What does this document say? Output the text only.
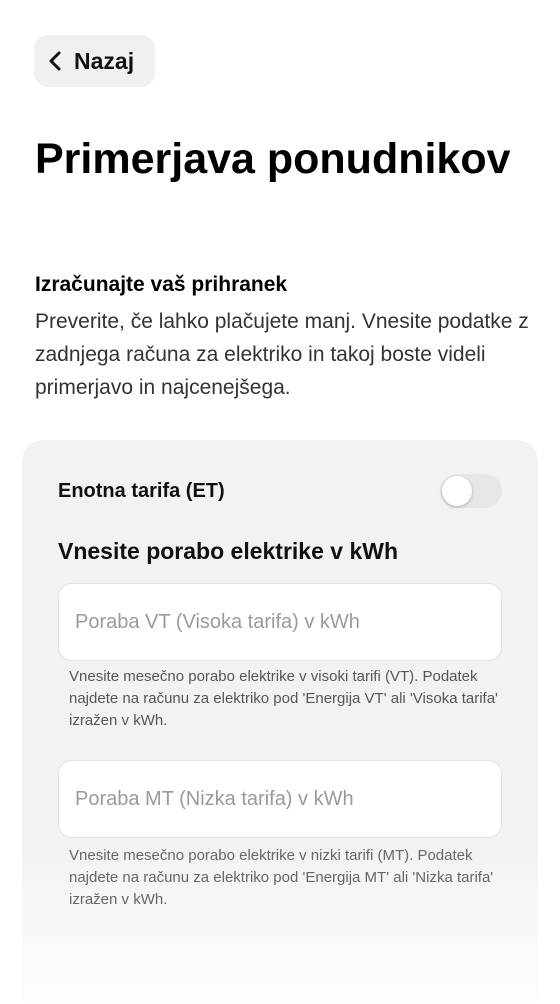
Nazaj
Primerjava ponudnikov
Izračunajte vaš prihranek

Preverite, če lahko plačujete manj. Vnesite podatke z zadnjega računa za elektriko in takoj boste videli primerjavo in najcenejšega.

Enotna tarifa (ET)
Vnesite porabo elektrike v kWh
Poraba VT (Visoka tarifa) v kWh

Vnesite mesečno porabo elektrike v visoki tarifi (VT). Podatek najdete na računu za elektriko pod 'Energija VT' ali 'Visoka tarifa' izražen v kWh.

Poraba MT (Nizka tarifa) v kWh

Vnesite mesečno porabo elektrike v nizki tarifi (MT). Podatek najdete na računu za elektriko pod 'Energija MT' ali 'Nizka tarifa' izražen v kWh.
